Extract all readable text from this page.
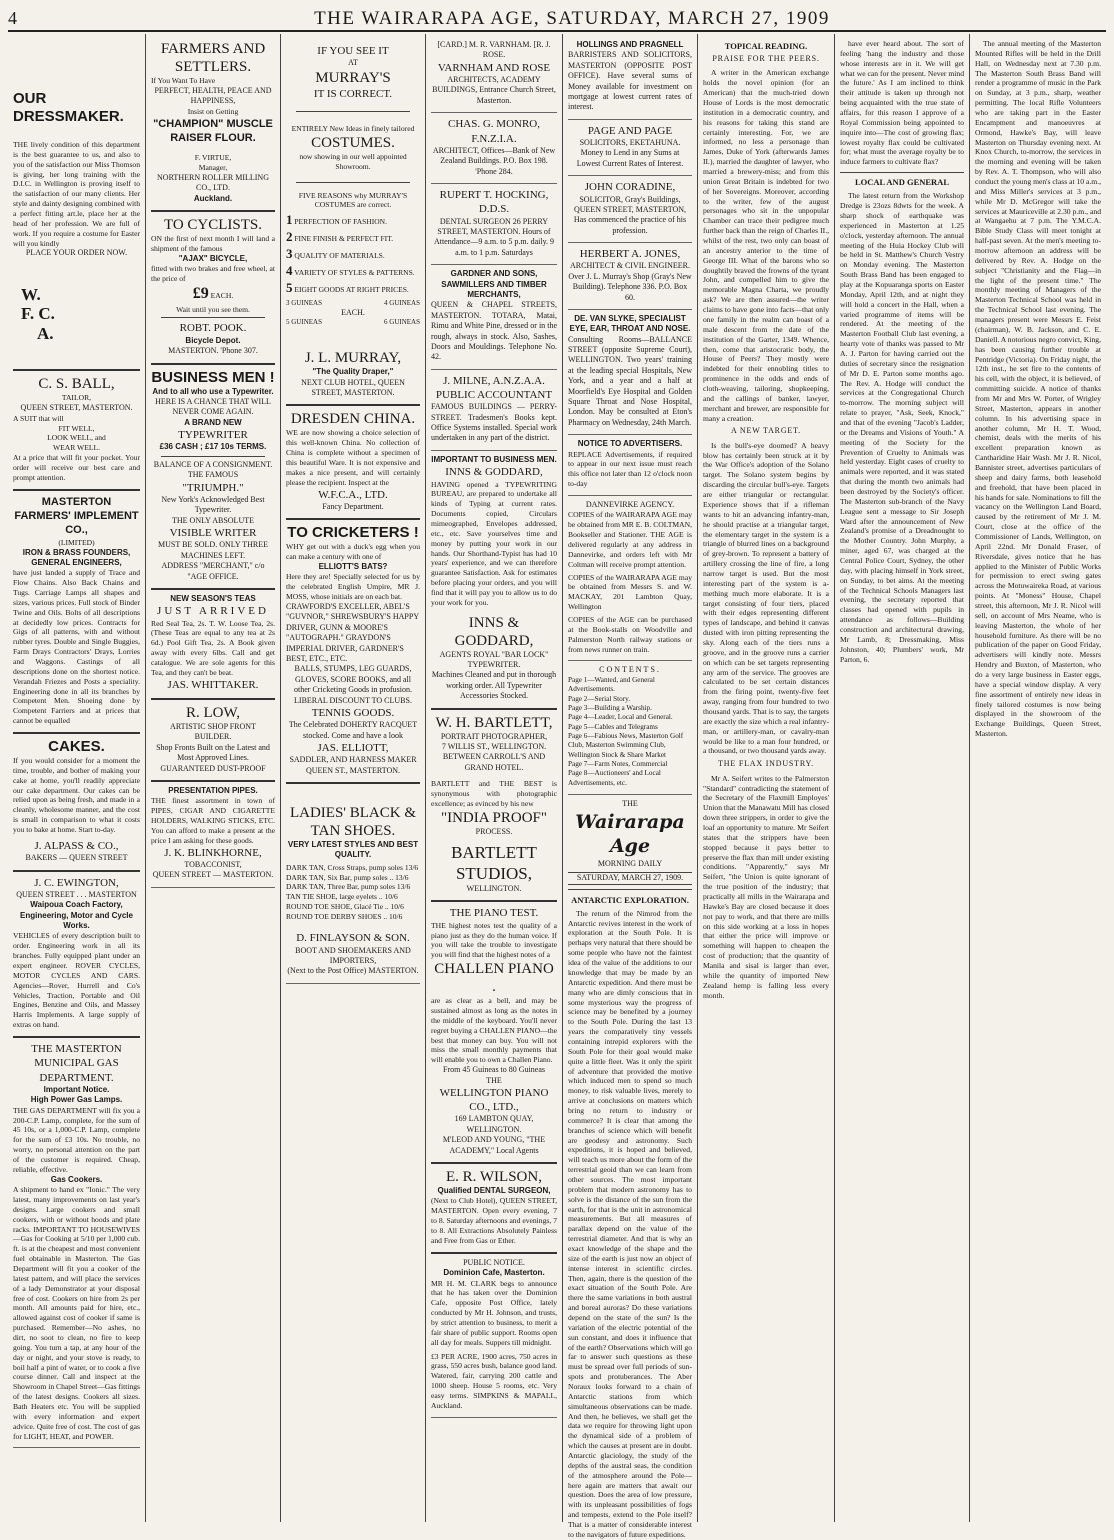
4	THE WAIRARAPA AGE, SATURDAY, MARCH 27, 1909
OUR DRESSMAKER.
THE lively condition of this department is the best guarantee to us, and also to you of the satisfaction our Miss Thomson is giving, her long training with the D.I.C. in Wellington is proving itself to the satisfaction of our many clients. Her style and dainty designing combined with a perfect fitting art.le, place her at the head of her profession. We are full of work. If you require a costume for Easter will you kindly
PLACE YOUR ORDER NOW.
W.
F. C.
A.
C. S. BALL,
TAILOR,
QUEEN STREET, MASTERTON.
A SUIT that will
FIT WELL,
LOOK WELL, and
WEAR WELL.
At a price that will fit your pocket. Your order will receive our best care and prompt attention.
MASTERTON FARMERS' IMPLEMENT CO.,
(LIMITED)
IRON & BRASS FOUNDERS, GENERAL ENGINEERS,
have just landed a supply of Trace and Flow Chains. Also Back Chains and Tugs. Carriage Lamps all shapes and sizes, various prices. Full stock of Binder Twine and Oils. Bolts of all descriptions at decidedly low prices. Contracts for Gigs of all patterns, with and without rubber tyres. Double and Single Buggies, Farm Drays Contractors' Drays, Lorries and Waggons. Castings of all descriptions done on the shortest notice. Verandah Friezes and Posts a speciality. Engineering done in all its branches by Competent Men. Shoeing done by Competent Farriers and at prices that cannot be equalled
CAKES.
If you would consider for a moment the time, trouble, and bother of making your cake at home, you'll readily appreciate our cake department. Our cakes can be relied upon as being fresh, and made in a cleanly, wholesome manner, and the cost is small in comparison to what it costs you to bake at home. Start to-day.
J. ALPASS & CO.,
BAKERS — QUEEN STREET
J. C. EWINGTON,
QUEEN STREET . . . MASTERTON
Waipoua Coach Factory, Engineering, Motor and Cycle Works.
VEHICLES of every description built to order. Engineering work in all its branches. Fully equipped plant under an expert engineer. ROVER CYCLES, MOTOR CYCLES AND CARS. Agencies—Rover, Hurrell and Co's Vehicles, Traction, Portable and Oil Engines, Benzine and Oils, and Massey Harris Implements. A large supply of extras on hand.
THE MASTERTON MUNICIPAL GAS DEPARTMENT.
Important Notice.
High Power Gas Lamps.
THE GAS DEPARTMENT will fix you a 200-C.P. Lamp, complete, for the sum of 45 10s, or a 1,000-C.P. Lamp, complete for the sum of £3 10s. No trouble, no worry, no personal attention on the part of the customer is required. Cheap, reliable, effective.
Gas Cookers.
A shipment to hand ex "Ionic." The very latest, many improvements on last year's designs. Large cookers and small cookers, with or without hoods and plate racks. IMPORTANT TO HOUSEWIVES—Gas for Cooking at 5/10 per 1,000 cub. ft. is at the cheapest and most convenient fuel obtainable in Masterton. The Gas Department will fit you a cooker of the latest pattern, and will place the services of a lady Demonstrator at your disposal free of cost. Cookers on hire from 2s per month. All amounts paid for hire, etc., allowed against cost of cooker if same is purchased. Remember—No ashes, no dirt, no soot to clean, no fire to keep going. You turn a tap, at any hour of the day or night, and your stove is ready, to boil half a pint of water, or to cook a five course dinner. Call and inspect at the Showroom in Chapel Street—Gas fittings of the latest designs. Cookers all sizes. Bath Heaters etc. You will be supplied with every information and expert advice. Quite free of cost. The cost of gas for LIGHT, HEAT, and POWER.
FARMERS AND SETTLERS.
If You Want To Have
PERFECT, HEALTH, PEACE AND HAPPINESS,
Insist on Getting
"CHAMPION" MUSCLE RAISER FLOUR.
F. VIRTUE,
Manager,
NORTHERN ROLLER MILLING CO., LTD.
Auckland.
TO CYCLISTS.
ON the first of next month I will land a shipment of the famous
"AJAX" BICYCLE,
fitted with two brakes and free wheel, at the price of
£9 EACH.
Wait until you see them.
ROBT. POOK.
Bicycle Depot.
MASTERTON. 'Phone 307.
BUSINESS MEN !
And to all who use a Typewriter.
HERE IS A CHANCE THAT WILL NEVER COME AGAIN.
A BRAND NEW
TYPEWRITER
£36 CASH ; £17 10s TERMS.
BALANCE OF A CONSIGNMENT.
THE FAMOUS
"TRIUMPH."
New York's Acknowledged Best Typewriter.
THE ONLY ABSOLUTE
VISIBLE WRITER
MUST BE SOLD. ONLY THREE MACHINES LEFT.
ADDRESS "MERCHANT," c/o "AGE OFFICE.
NEW SEASON'S TEAS
JUST ARRIVED
Red Seal Tea, 2s. T. W. Loose Tea, 2s. (These Teas are equal to any tea at 2s 6d.) Pool Gift Tea, 2s. A Book given away with every 6lbs. Call and get catalogue. We are sole agents for this Tea, and they can't be beat.
JAS. WHITTAKER.
R. LOW,
ARTISTIC SHOP FRONT BUILDER.
Shop Fronts Built on the Latest and Most Approved Lines.
GUARANTEED DUST-PROOF
PRESENTATION PIPES.
THE finest assortment in town of PIPES, CIGAR AND CIGARETTE HOLDERS, WALKING STICKS, ETC. You can afford to make a present at the price I am asking for these goods.
J. K. BLINKHORNE,
TOBACCONIST,
QUEEN STREET — MASTERTON.
IF YOU SEE IT
AT
MURRAY'S
IT IS CORRECT.
ENTIRELY New Ideas in finely tailored
COSTUMES.
now showing in our well appointed Showroom.
FIVE REASONS why MURRAY'S COSTUMES are correct.
1 PERFECTION OF FASHION.
2 FINE FINISH & PERFECT FIT.
3 QUALITY OF MATERIALS.
4 VARIETY OF STYLES & PATTERNS.
5 EIGHT GOODS AT RIGHT PRICES.
3 GUINEAS	4 GUINEAS
EACH.
5 GUINEAS	6 GUINEAS
J. L. MURRAY,
"The Quality Draper,"
NEXT CLUB HOTEL, QUEEN STREET, MASTERTON.
DRESDEN CHINA.
WE are now showing a choice selection of this well-known China. No collection of China is complete without a specimen of this beautiful Ware. It is not expensive and makes a nice present, and will certainly please the recipient. Inspect at the
W.F.C.A., LTD.
Fancy Department.
TO CRICKETERS !
WHY get out with a duck's egg when you can make a century with one of
ELLIOTT'S BATS?
Here they are! Specially selected for us by the celebrated English Umpire, MR J. MOSS, whose initials are on each bat.
CRAWFORD'S EXCELLER, ABEL'S "GUVNOR," SHREWSBURY'S HAPPY DRIVER, GUNN & MOORE'S "AUTOGRAPH." GRAYDON'S IMPERIAL DRIVER, GARDNER'S BEST, ETC., ETC.
BALLS, STUMPS, LEG GUARDS, GLOVES, SCORE BOOKS, and all other Cricketing Goods in profusion.
LIBERAL DISCOUNT TO CLUBS.
TENNIS GOODS.
The Celebrated DOHERTY RACQUET stocked. Come and have a look
JAS. ELLIOTT,
SADDLER, AND HARNESS MAKER QUEEN ST., MASTERTON.
LADIES' BLACK & TAN SHOES.
VERY LATEST STYLES AND BEST QUALITY.
DARK TAN, Cross Straps, pump soles 13/6
DARK TAN, Six Bar, pump soles .. 13/6
DARK TAN, Three Bar, pump soles 13/6
TAN TIE SHOE, large eyelets .. 10/6
ROUND TOE SHOE, Glacé Tie .. 10/6
ROUND TOE DERBY SHOES .. 10/6
D. FINLAYSON & SON.
BOOT AND SHOEMAKERS AND IMPORTERS,
(Next to the Post Office) MASTERTON.
[CARD.] M. R. VARNHAM. [R. J. ROSE.
VARNHAM AND ROSE
ARCHITECTS, ACADEMY BUILDINGS, Entrance Church Street, Masterton.
CHAS. G. MONRO, F.N.Z.I.A.
ARCHITECT, Offices—Bank of New Zealand Buildings. P.O. Box 198. 'Phone 284.
RUPERT T. HOCKING, D.D.S.
DENTAL SURGEON 26 PERRY STREET, MASTERTON. Hours of Attendance—9 a.m. to 5 p.m. daily. 9 a.m. to 1 p.m. Saturdays
GARDNER AND SONS, SAWMILLERS AND TIMBER MERCHANTS,
QUEEN & CHAPEL STREETS, MASTERTON. TOTARA, Matai, Rimu and White Pine, dressed or in the rough, always in stock. Also, Sashes, Doors and Mouldings. Telephone No. 42.
J. MILNE, A.N.Z.A.A.
PUBLIC ACCOUNTANT
FAMOUS BUILDINGS — PERRY-STREET. Tradesmen's Books kept. Office Systems installed. Special work undertaken in any part of the district.
IMPORTANT TO BUSINESS MEN.
INNS & GODDARD,
HAVING opened a TYPEWRITING BUREAU, are prepared to undertake all kinds of Typing at current rates. Documents copied, Circulars mimeographed, Envelopes addressed, etc., etc. Save yourselves time and money by putting your work in our hands. Our Shorthand-Typist has had 10 years' experience, and we can therefore guarantee Satisfaction. Ask for estimates before placing your orders, and you will find that it will pay you to allow us to do your work for you.
INNS & GODDARD,
AGENTS ROYAL "BAR LOCK" TYPEWRITER.
Machines Cleaned and put in thorough working order. All Typewriter Accessories Stocked.
W. H. BARTLETT,
PORTRAIT PHOTOGRAPHER,
7 WILLIS ST., WELLINGTON.
BETWEEN CARROLL'S AND GRAND HOTEL.
BARTLETT and THE BEST is synonymous with photographic excellence; as evinced by his new
"INDIA PROOF"
PROCESS.
BARTLETT STUDIOS,
WELLINGTON.
THE PIANO TEST.
THE highest notes test the quality of a piano just as they do the human voice. If you will take the trouble to investigate you will find that the highest notes of a
CHALLEN PIANO .
are as clear as a bell, and may be sustained almost as long as the notes in the middle of the keyboard. You'll never regret buying a CHALLEN PIANO—the best that money can buy. You will not miss the small monthly payments that will enable you to own a Challen Piano.
From 45 Guineas to 80 Guineas
THE
WELLINGTON PIANO CO., LTD.,
169 LAMBTON QUAY, WELLINGTON.
M'LEOD AND YOUNG, "THE ACADEMY," Local Agents
E. R. WILSON,
Qualified DENTAL SURGEON,
(Next to Club Hotel), QUEEN STREET, MASTERTON. Open every evening, 7 to 8. Saturday afternoons and evenings, 7 to 8. All Extractions Absolutely Painless and Free from Gas or Ether.
PUBLIC NOTICE.
Dominion Cafe, Masterton.
MR H. M. CLARK begs to announce that he has taken over the Dominion Cafe, opposite Post Office, lately conducted by Mr H. Johnson, and trusts, by strict attention to business, to merit a fair share of public support. Rooms open all day for meals. Suppers till midnight.
£3 PER ACRE, 1900 acres, 750 acres in grass, 550 acres bush, balance good land. Watered, fair, carrying 200 cattle and 1000 sheep. House 5 rooms, etc. Very easy terms. SIMPKINS & MAPALL, Auckland.
HOLLINGS AND PRAGNELL
BARRISTERS AND SOLICITORS, MASTERTON (OPPOSITE POST OFFICE). Have several sums of Money available for investment on mortgage at lowest current rates of interest.
PAGE AND PAGE
SOLICITORS, EKETAHUNA. Money to Lend in any Sums at Lowest Current Rates of Interest.
JOHN CORADINE,
SOLICITOR, Gray's Buildings, QUEEN STREET, MASTERTON, Has commenced the practice of his profession.
HERBERT A. JONES,
ARCHITECT & CIVIL ENGINEER. Over J. L. Murray's Shop (Gray's New Building). Telephone 336. P.O. Box 60.
DE. VAN SLYKE, SPECIALIST EYE, EAR, THROAT AND NOSE.
Consulting Rooms—BALLANCE STREET (opposite Supreme Court), WELLINGTON. Two years' training at the leading special Hospitals, New York, and a year and a half at Moorfield's Eye Hospital and Golden Square Throat and Nose Hospital, London. May be consulted at Eton's Pharmacy on Wednesday, 24th March.
NOTICE TO ADVERTISERS.
REPLACE Advertisements, if required to appear in our next issue must reach this office not later than 12 o'clock noon to-day
DANNEVIRKE AGENCY.
COPIES of the WAIRARAPA AGE may be obtained from MR E. B. COLTMAN, Bookseller and Stationer. THE AGE is delivered regularly at any address in Dannevirke, and orders left with Mr Coltman will receive prompt attention.
COPIES of the WAIRARAPA AGE may be obtained from Messrs S. and W. MACKAY, 201 Lambton Quay, Wellington
COPIES of the AGE can be purchased at the Book-stalls on Woodville and Palmerston North railway stations or from news runner on train.
CONTENTS.
Page 1—Wanted, and General Advertisements.
Page 2—Serial Story.
Page 3—Building a Warship.
Page 4—Leader, Local and General.
Page 5—Cables and Telegrams
Page 6—Fabious News, Masterton Golf Club, Masterton Swimming Club, Wellington Stock & Share Market
Page 7—Farm Notes, Commercial
Page 8—Auctioneers' and Local Advertisements, etc.
THE
Wairarapa Age
MORNING DAILY
SATURDAY, MARCH 27, 1909.
ANTARCTIC EXPLORATION.
The return of the Nimrod from the Antarctic revives interest in the work of exploration at the South Pole. It is perhaps very natural that there should be some people who have not the faintest idea of the value of the additions to our knowledge that may be made by an Antarctic expedition. And there must be many who are dimly conscious that in some mysterious way the progress of science may be benefited by a journey to the South Pole. During the last 13 years the comparatively tiny vessels containing intrepid explorers with the South Pole for their goal would make quite a little fleet. Was it only the spirit of adventure that provided the motive which induced men to spend so much money, to risk valuable lives, merely to arrive at conclusions on matters which bring no return to industry or commerce? It is clear that among the branches of science which will benefit are geodesy and astronomy. Such expeditions, it is hoped and believed, will teach us more about the form of the terrestrial geoid than we can learn from other sources. The most important problem that modern astronomy has to solve is the distance of the sun from the earth, for that is the unit in astronomical measurements. But all measures of parallax depend on the value of the terrestrial diameter. And that is why an exact knowledge of the shape and the size of the earth is just now an object of intense interest in scientific circles. Then, again, there is the question of the exact situation of the South Pole. Are there the same variations in both austral and boreal auroras? Do these variations depend on the state of the sun? Is the variation of the electric potential of the sun constant, and does it influence that of the earth? Observations which will go far to answer such questions as these must be spread over full periods of sun-spots and protuberances. The Aber Noraux looks forward to a chain of Antarctic stations from which simultaneous observations can be made. And then, he believes, we shall get the data we require for throwing light upon the dynamical side of a problem of which the causes at present are in doubt. Antarctic glaciology, the study of the depths of the austral seas, the condition of the atmosphere around the Pole—here again are matters that await our question. Does the area of low pressure, with its unpleasant possibilities of fogs and tempests, extend to the Pole itself? That is a matter of considerable interest to the navigators of future expeditions.
TOPICAL READING.
PRAISE FOR THE PEERS.
A writer in the American exchange holds the novel opinion (for an American) that the much-tried down House of Lords is the most democratic institution in a democratic country, and his reasons for taking this stand are certainly interesting. For, we are informed, no less a personage than James, Duke of York (afterwards James II.), married the daughter of lawyer, who married a brewery-miss; and from this union Great Britain is indebted for two of her Sovereigns. Moreover, according to the writer, few of the august personages who sit in the unpopular Chamber can trace their pedigree much further back than the reign of Charles II., whilst of the rest, two only can boast of an ancestry anterior to the time of George III. What of the barons who so doughtily braved the frowns of the tyrant John, and compelled him to give the memorable Magna Charta, we proudly ask? We are then assured—the writer claims to have gone into facts—that only one family in the realm can boast of a male descent from the date of the institution of the Garter, 1349. Whence, then, come that aristocratic body, the House of Peers? They mostly were indebted for their ennobling titles to prominence in the odds and ends of cloth-weaving, tailoring, shopkeeping, and the callings of banker, lawyer, merchant and brewer, are responsible for many a creation.
A NEW TARGET.
Is the bull's-eye doomed? A heavy blow has certainly been struck at it by the War Office's adoption of the Solano target. The Solano system begins by discarding the circular bull's-eye. Targets are either triangular or rectangular. Experience shows that if a rifleman wants to hit an advancing infantry-man, he should practise at a triangular target, the elementary target in the system is a triangle of blurred lines on a background of grey-brown. To represent a battery of artillery crossing the line of fire, a long narrow target is used. But the most interesting part of the system is a-mething much more elaborate. It is a target consisting of four tiers, placed with their edges representing different types of landscape, and behind it canvas dusted with iron pitting representing the sky. Along each of the tiers runs a groove, and in the groove runs a carrier on which can be set targets representing any arm of the service. The grooves are calculated to be set certain distances from the firing point, twenty-five feet away, ranging from four hundred to two thousand yards. That is to say, the targets are exactly the size which a real infantry-man, or artillery-man, or cavalry-man would be like to a man four hundred, or a thousand, or two thousand yards away.
THE FLAX INDUSTRY.
Mr A. Seifert writes to the Palmerston "Standard" contradicting the statement of the Secretary of the Flaxmill Employes' Union that the Manawatu Mill has closed down three strippers, in order to give the loaf an opportunity to mature. Mr Seifert states that the strippers have been stopped because it pays better to preserve the flax than mill under existing conditions. "Apparently," says Mr Seifert, "the Union is quite ignorant of the true position of the industry; that practically all mills in the Wairarapa and Hawke's Bay are closed because it does not pay to work, and that there are mills on this side working at a loss in hopes that either the price will improve or something will happen to cheapen the cost of production; that the quantity of Manila and sisal is larger than ever, while the quantity of imported New Zealand hemp is falling less every month.
have ever heard about. The sort of feeling 'hang the industry and those whose interests are in it. We will get what we can for the present. Never mind the future.' As I am inclined to think their attitude is taken up through not being acquainted with the true state of affairs, for this reason I approve of a Royal Commission being appointed to inquire into—The cost of growing flax; lowest royalty flax could be cultivated for; what must the average royalty be to induce farmers to cultivate flax?
LOCAL AND GENERAL
The latest return from the Workshop Dredge is 23ozs 8dwts for the week. A sharp shock of earthquake was experienced in Masterton at 1.25 o'clock, yesterday afternoon. The annual meeting of the Huia Hockey Club will be held in St. Matthew's Church Vestry on Monday evening. The Masterton South Brass Band has been engaged to play at the Kopuaranga sports on Easter Monday, April 12th, and at night they will hold a concert in the Hall, when a varied programme of items will be rendered. At the meeting of the Masterton Football Club last evening, a hearty vote of thanks was passed to Mr A. J. Parton for having carried out the duties of secretary since the resignation of Mr D. E. Parton some months ago. The Rev. A. Hodge will conduct the services at the Congregational Church to-morrow. The morning subject will relate to prayer, "Ask, Seek, Knock," and that of the evening "Jacob's Ladder, or the Dreams and Visions of Youth." A meeting of the Society for the Prevention of Cruelty to Animals was held yesterday. Eight cases of cruelty to animals were reported, and it was stated that during the month two animals had been destroyed by the Society's officer. The Masterton sub-branch of the Navy League sent a message to Sir Joseph Ward after the announcement of New Zealand's promise of a Dreadnought to the Mother Country. John Murphy, a miner, aged 67, was charged at the Central Police Court, Sydney, the other day, with placing himself in York street, on Sunday, to bet aims. At the meeting of the Technical Schools Managers last evening, the secretary reported that classes had opened with pupils in attendance as follows—Building construction and architectural drawing, Mr Lamb, 8; Dressmaking, Miss Johnston, 40; Plumbers' work, Mr Parton, 6.
The annual meeting of the Masterton Mounted Rifles will be held in the Drill Hall, on Wednesday next at 7.30 p.m. The Masterton South Brass Band will render a programme of music in the Park on Sunday, at 3 p.m., sharp, weather permitting. The local Rifle Volunteers who are taking part in the Easter Encampment and manoeuvres at Ormond, Hawke's Bay, will leave Masterton on Thursday evening next. At Knox Church, to-morrow, the services in the morning and evening will be taken by Rev. A. T. Thompson, who will also conduct the young men's class at 10 a.m., and Miss Miller's services at 3 p.m., while Mr D. McGregor will take the services at Mauriceville at 2.30 p.m., and at Wangaehu at 7 p.m. The Y.M.C.A. Bible Study Class will meet tonight at half-past seven. At the men's meeting to-morrow afternoon an address will be delivered by Rev. A. Hodge on the subject "Christianity and the Flag—in the light of the present time." The monthly meeting of Managers of the Masterton Technical School was held in the Technical School last evening. The managers present were Messrs E. Feist (chairman), W. B. Jackson, and C. E. Daniell. A notorious negro convict, King, has been causing further trouble at Pentridge (Victoria). On Friday night, the 12th inst., he set fire to the contents of his cell, with the object, it is believed, of committing suicide. A notice of thanks from Mr and Mrs W. Porter, of Wrigley Street, Masterton, appears in another column. In his advertising space in another column, Mr H. T. Wood, chemist, deals with the merits of his excellent preparation known as Cantharidine Hair Wash. Mr J. R. Nicol, Bannister street, advertises particulars of sheep and dairy farms, both leasehold and freehold, that have been placed in his hands for sale. Nominations to fill the vacancy on the Wellington Land Board, caused by the retirement of Mr J. M. Court, close at the office of the Commissioner of Lands, Wellington, on April 22nd. Mr Donald Fraser, of Riversdale, gives notice that he has applied to the Minister of Public Works for permission to erect swing gates across the Motuwaireka Road, at various points. At "Moness" House, Chapel street, this afternoon, Mr J. R. Nicol will sell, on account of Mrs Neame, who is leaving Masterton, the whole of her household furniture. As there will be no publication of the paper on Good Friday, advertisers will kindly note. Messrs Hendry and Buxton, of Masterton, who do a very large business in Easter eggs, have a special window display. A very fine assortment of entirely new ideas in finely tailored costumes is now being displayed in the showroom of the Exchange Buildings, Queen Street, Masterton.
